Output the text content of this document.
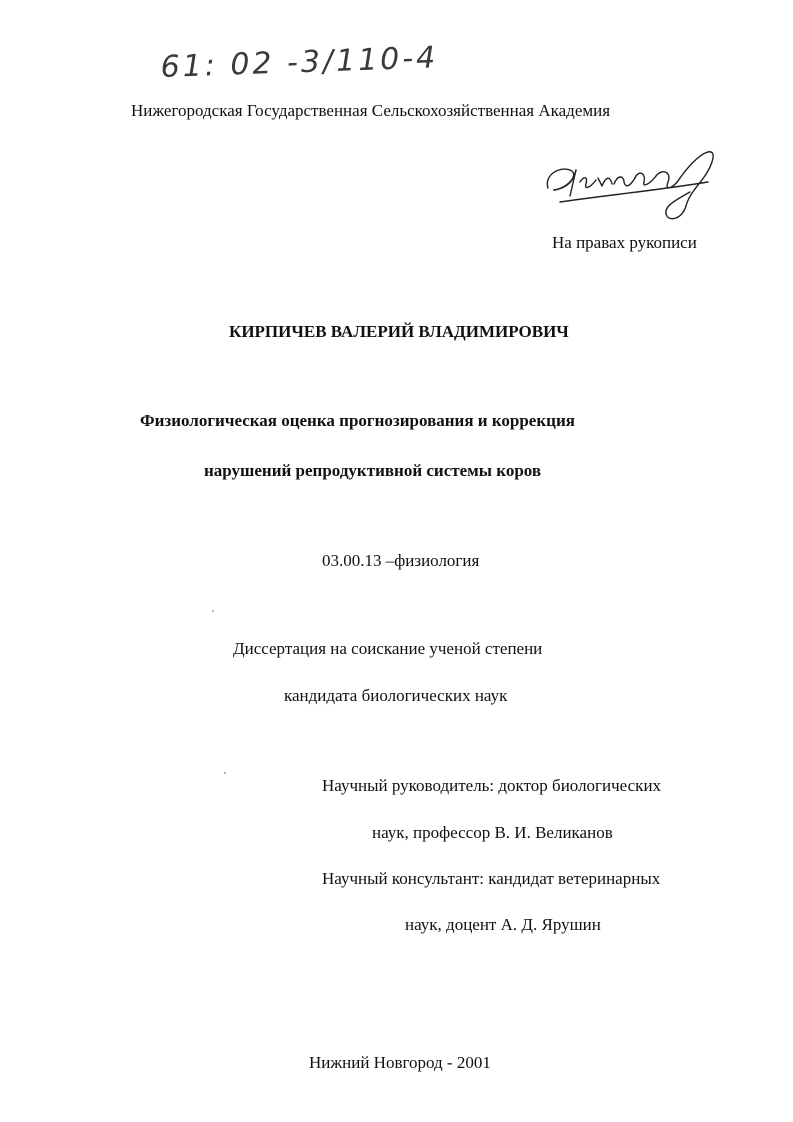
61: 02 -3/110-4
Нижегородская Государственная Сельскохозяйственная Академия
На правах рукописи
КИРПИЧЕВ ВАЛЕРИЙ ВЛАДИМИРОВИЧ
Физиологическая оценка прогнозирования и коррекция
нарушений репродуктивной системы коров
03.00.13 –физиология
Диссертация на соискание ученой степени
кандидата биологических наук
Научный руководитель: доктор биологических
наук, профессор В. И. Великанов
Научный консультант: кандидат ветеринарных
наук, доцент А. Д. Ярушин
Нижний Новгород - 2001
